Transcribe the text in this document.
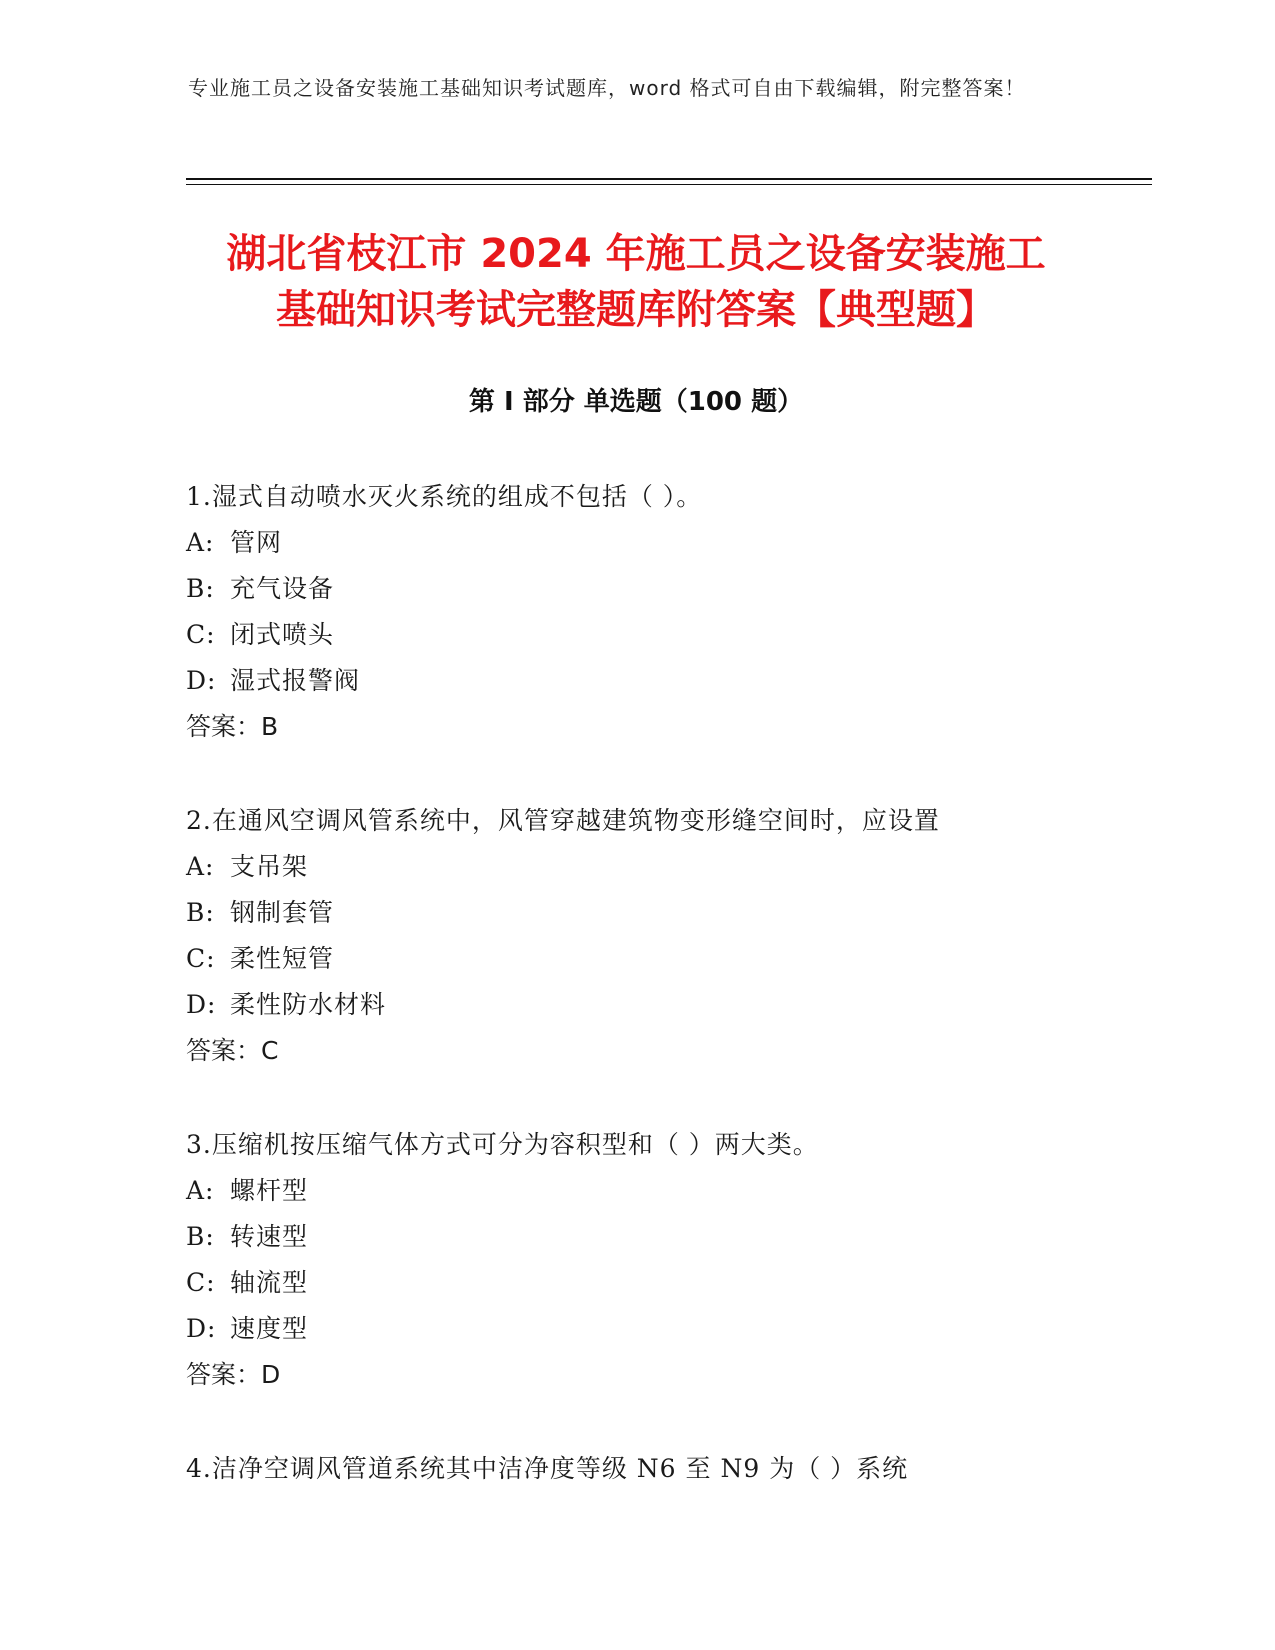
专业施工员之设备安装施工基础知识考试题库，word 格式可自由下载编辑，附完整答案！
湖北省枝江市 2024 年施工员之设备安装施工
基础知识考试完整题库附答案【典型题】
第 I 部分 单选题（100 题）
1.湿式自动喷水灭火系统的组成不包括（ ）。
A: 管网
B: 充气设备
C: 闭式喷头
D: 湿式报警阀
答案：B
2.在通风空调风管系统中，风管穿越建筑物变形缝空间时，应设置
A: 支吊架
B: 钢制套管
C: 柔性短管
D: 柔性防水材料
答案：C
3.压缩机按压缩气体方式可分为容积型和（ ）两大类。
A: 螺杆型
B: 转速型
C: 轴流型
D: 速度型
答案：D
4.洁净空调风管道系统其中洁净度等级 N6 至 N9 为（ ）系统
